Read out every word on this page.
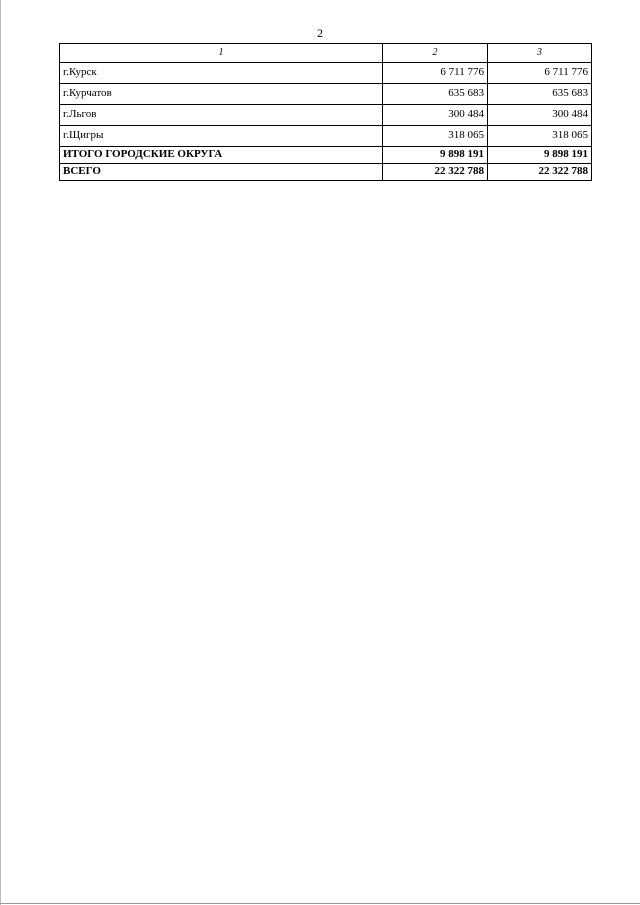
2
1	2	3
г.Курск	6 711 776	6 711 776
г.Курчатов	635 683	635 683
г.Льгов	300 484	300 484
г.Щигры	318 065	318 065
ИТОГО ГОРОДСКИЕ ОКРУГА	9 898 191	9 898 191
ВСЕГО	22 322 788	22 322 788
